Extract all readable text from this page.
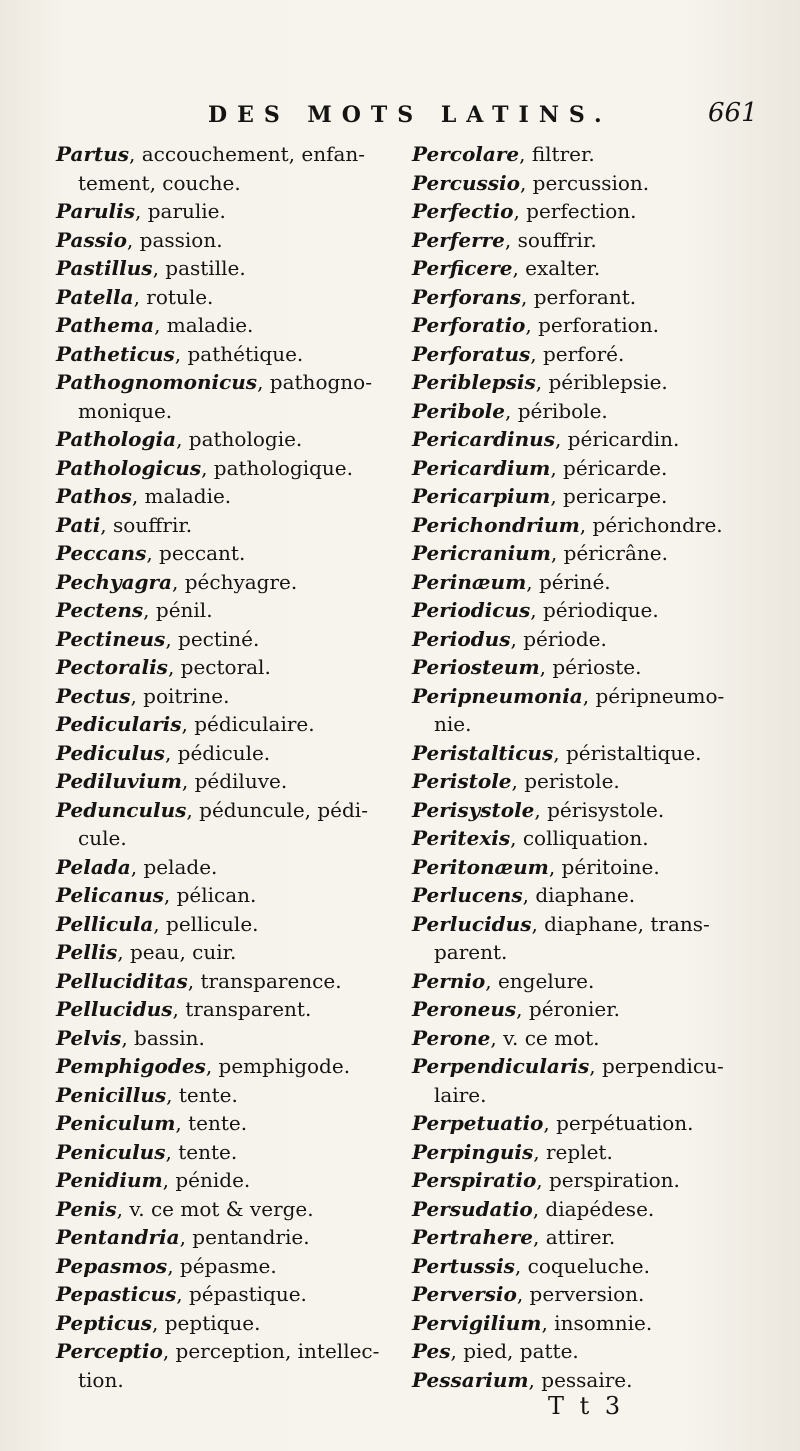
DES MOTS LATINS.	661
Partus, accouchement, enfan-
tement, couche.
Parulis, parulie.
Passio, passion.
Pastillus, pastille.
Patella, rotule.
Pathema, maladie.
Patheticus, pathétique.
Pathognomonicus, pathogno-
monique.
Pathologia, pathologie.
Pathologicus, pathologique.
Pathos, maladie.
Pati, souffrir.
Peccans, peccant.
Pechyagra, péchyagre.
Pectens, pénil.
Pectineus, pectiné.
Pectoralis, pectoral.
Pectus, poitrine.
Pedicularis, pédiculaire.
Pediculus, pédicule.
Pediluvium, pédiluve.
Pedunculus, péduncule, pédi-
cule.
Pelada, pelade.
Pelicanus, pélican.
Pellicula, pellicule.
Pellis, peau, cuir.
Pelluciditas, transparence.
Pellucidus, transparent.
Pelvis, bassin.
Pemphigodes, pemphigode.
Penicillus, tente.
Peniculum, tente.
Peniculus, tente.
Penidium, pénide.
Penis, v. ce mot & verge.
Pentandria, pentandrie.
Pepasmos, pépasme.
Pepasticus, pépastique.
Pepticus, peptique.
Perceptio, perception, intellec-
tion.
Percolare, filtrer.
Percussio, percussion.
Perfectio, perfection.
Perferre, souffrir.
Perficere, exalter.
Perforans, perforant.
Perforatio, perforation.
Perforatus, perforé.
Periblepsis, périblepsie.
Peribole, péribole.
Pericardinus, péricardin.
Pericardium, péricarde.
Pericarpium, pericarpe.
Perichondrium, périchondre.
Pericranium, péricrâne.
Perinæum, périné.
Periodicus, périodique.
Periodus, période.
Periosteum, périoste.
Peripneumonia, péripneumo-
nie.
Peristalticus, péristaltique.
Peristole, peristole.
Perisystole, périsystole.
Peritexis, colliquation.
Peritonæum, péritoine.
Perlucens, diaphane.
Perlucidus, diaphane, trans-
parent.
Pernio, engelure.
Peroneus, péronier.
Perone, v. ce mot.
Perpendicularis, perpendicu-
laire.
Perpetuatio, perpétuation.
Perpinguis, replet.
Perspiratio, perspiration.
Persudatio, diapédese.
Pertrahere, attirer.
Pertussis, coqueluche.
Perversio, perversion.
Pervigilium, insomnie.
Pes, pied, patte.
Pessarium, pessaire.
T t 3
